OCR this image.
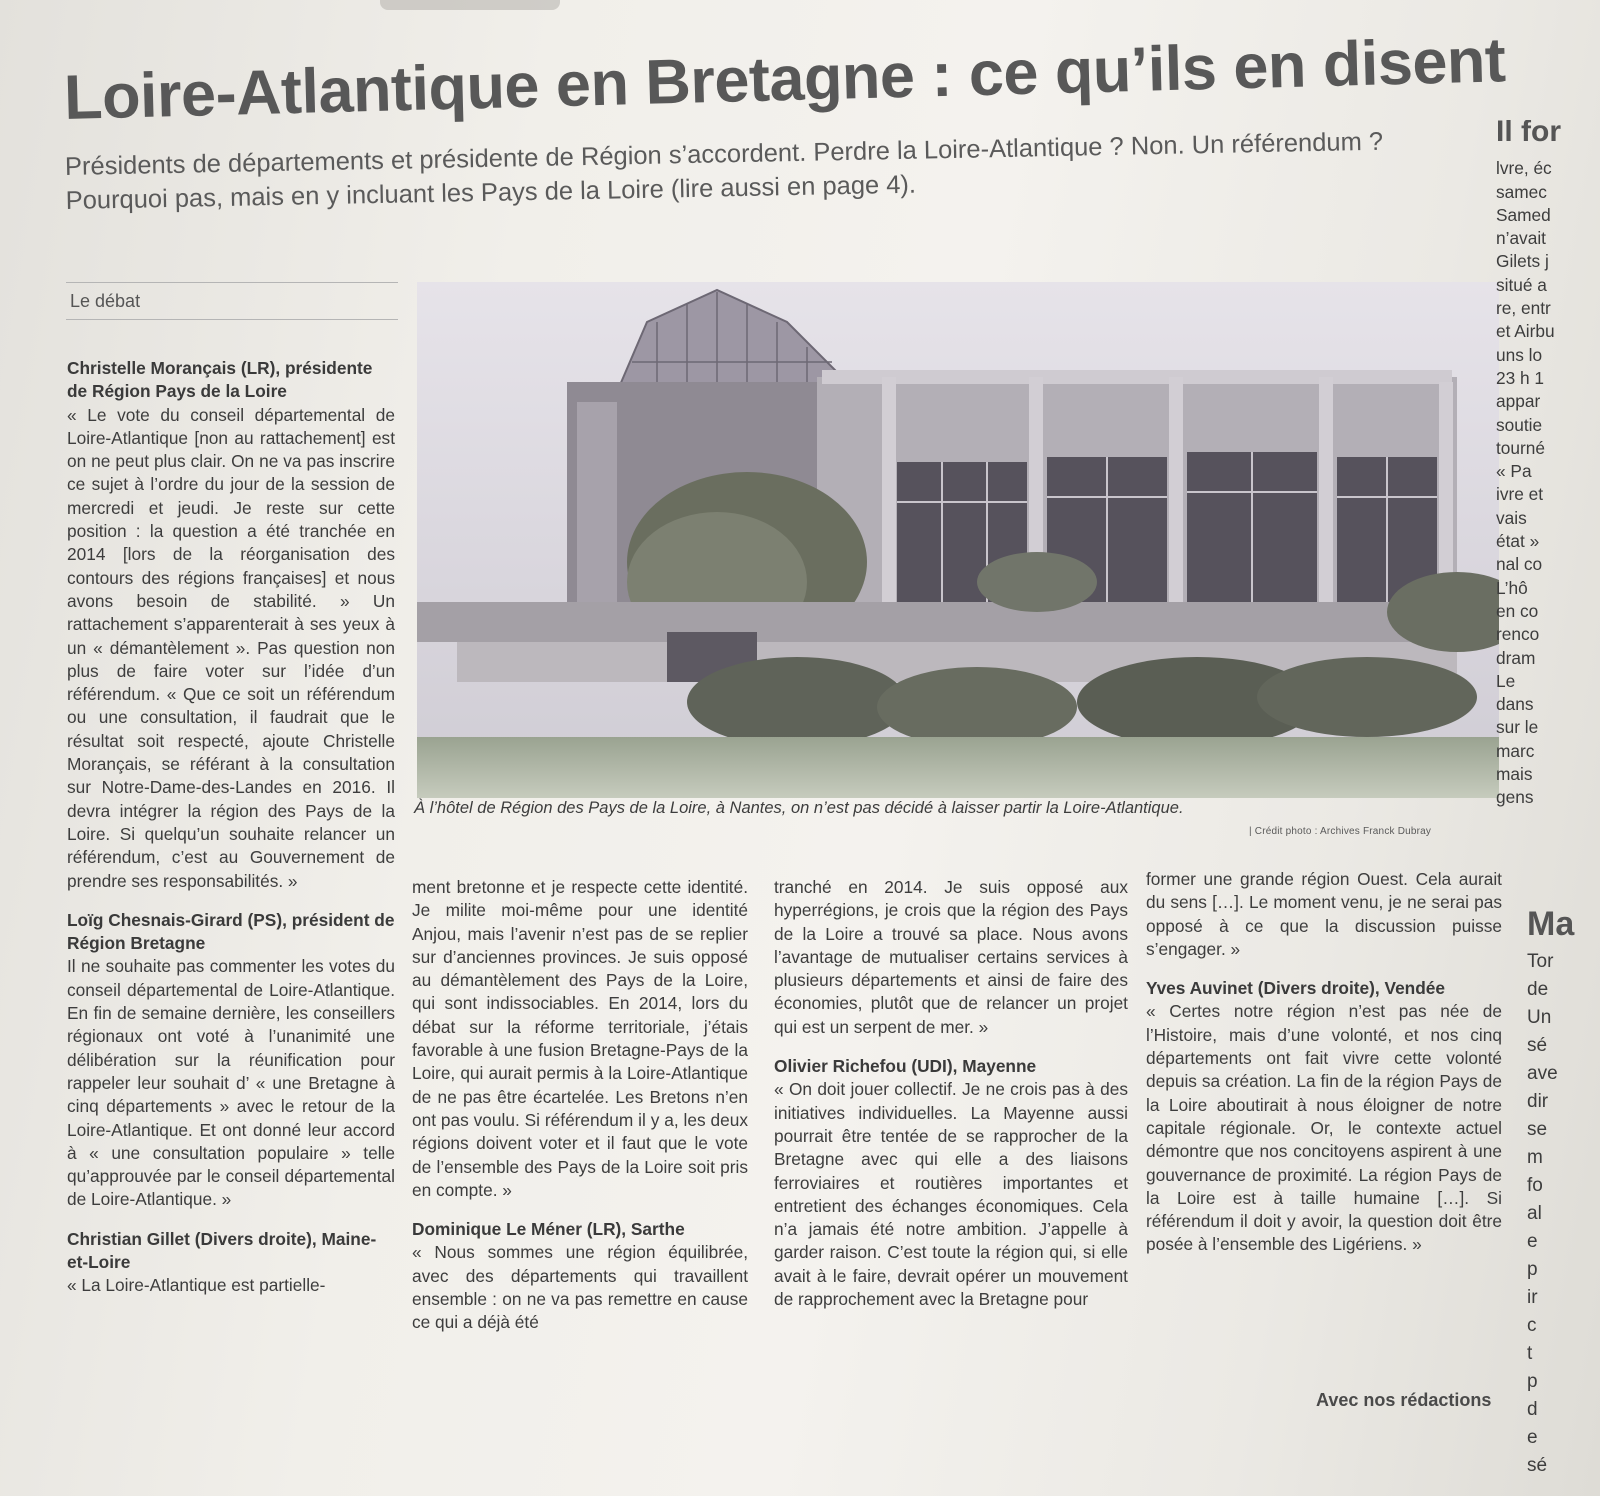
Loire-Atlantique en Bretagne : ce qu’ils en disent
Présidents de départements et présidente de Région s’accordent. Perdre la Loire-Atlantique ? Non. Un référendum ? Pourquoi pas, mais en y incluant les Pays de la Loire (lire aussi en page 4).
Le débat

Christelle Morançais (LR), présidente de Région Pays de la Loire

« Le vote du conseil départemental de Loire-Atlantique [non au rattachement] est on ne peut plus clair. On ne va pas inscrire ce sujet à l’ordre du jour de la session de mercredi et jeudi. Je reste sur cette position : la question a été tranchée en 2014 [lors de la réorganisation des contours des régions françaises] et nous avons besoin de stabilité. » Un rattachement s’apparenterait à ses yeux à un « démantèlement ». Pas question non plus de faire voter sur l’idée d’un référendum. « Que ce soit un référendum ou une consultation, il faudrait que le résultat soit respecté, ajoute Christelle Morançais, se référant à la consultation sur Notre-Dame-des-Landes en 2016. Il devra intégrer la région des Pays de la Loire. Si quelqu’un souhaite relancer un référendum, c’est au Gouvernement de prendre ses responsabilités. »

Loïg Chesnais-Girard (PS), président de Région Bretagne

Il ne souhaite pas commenter les votes du conseil départemental de Loire-Atlantique. En fin de semaine dernière, les conseillers régionaux ont voté à l’unanimité une délibération sur la réunification pour rappeler leur souhait d’ « une Bretagne à cinq départements » avec le retour de la Loire-Atlantique. Et ont donné leur accord à « une consultation populaire » telle qu’approuvée par le conseil départemental de Loire-Atlantique. »

Christian Gillet (Divers droite), Maine-et-Loire

« La Loire-Atlantique est partielle-

À l’hôtel de Région des Pays de la Loire, à Nantes, on n’est pas décidé à laisser partir la Loire-Atlantique.
| Crédit photo : Archives Franck Dubray

ment bretonne et je respecte cette identité. Je milite moi-même pour une identité Anjou, mais l’avenir n’est pas de se replier sur d’anciennes provinces. Je suis opposé au démantèlement des Pays de la Loire, qui sont indissociables. En 2014, lors du débat sur la réforme territoriale, j’étais favorable à une fusion Bretagne-Pays de la Loire, qui aurait permis à la Loire-Atlantique de ne pas être écartelée. Les Bretons n’en ont pas voulu. Si référendum il y a, les deux régions doivent voter et il faut que le vote de l’ensemble des Pays de la Loire soit pris en compte. »

Dominique Le Méner (LR), Sarthe

« Nous sommes une région équilibrée, avec des départements qui travaillent ensemble : on ne va pas remettre en cause ce qui a déjà été

tranché en 2014. Je suis opposé aux hyperrégions, je crois que la région des Pays de la Loire a trouvé sa place. Nous avons l’avantage de mutualiser certains services à plusieurs départements et ainsi de faire des économies, plutôt que de relancer un projet qui est un serpent de mer. »

Olivier Richefou (UDI), Mayenne

« On doit jouer collectif. Je ne crois pas à des initiatives individuelles. La Mayenne aussi pourrait être tentée de se rapprocher de la Bretagne avec qui elle a des liaisons ferroviaires et routières importantes et entretient des échanges économiques. Cela n’a jamais été notre ambition. J’appelle à garder raison. C’est toute la région qui, si elle avait à le faire, devrait opérer un mouvement de rapprochement avec la Bretagne pour

former une grande région Ouest. Cela aurait du sens […]. Le moment venu, je ne serai pas opposé à ce que la discussion puisse s’engager. »

Yves Auvinet (Divers droite), Vendée

« Certes notre région n’est pas née de l’Histoire, mais d’une volonté, et nos cinq départements ont fait vivre cette volonté depuis sa création. La fin de la région Pays de la Loire aboutirait à nous éloigner de notre capitale régionale. Or, le contexte actuel démontre que nos concitoyens aspirent à une gouvernance de proximité. La région Pays de la Loire est à taille humaine […]. Si référendum il doit y avoir, la question doit être posée à l’ensemble des Ligériens. »

Avec nos rédactions
Il for
lvre, éc
samec
Samed
n’avait
Gilets j
situé a
re, entr
et Airbu
uns lo
23 h 1
appar
soutie
tourné
« Pa
ivre et
vais
état »
nal co
L’hô
en co
renco
dram
Le
dans
sur le
marc
mais
gens
Ma
Tor
de
Un
sé
ave
dir
se
m
fo
al
e
p
ir
c
t
p
d
e
sé
